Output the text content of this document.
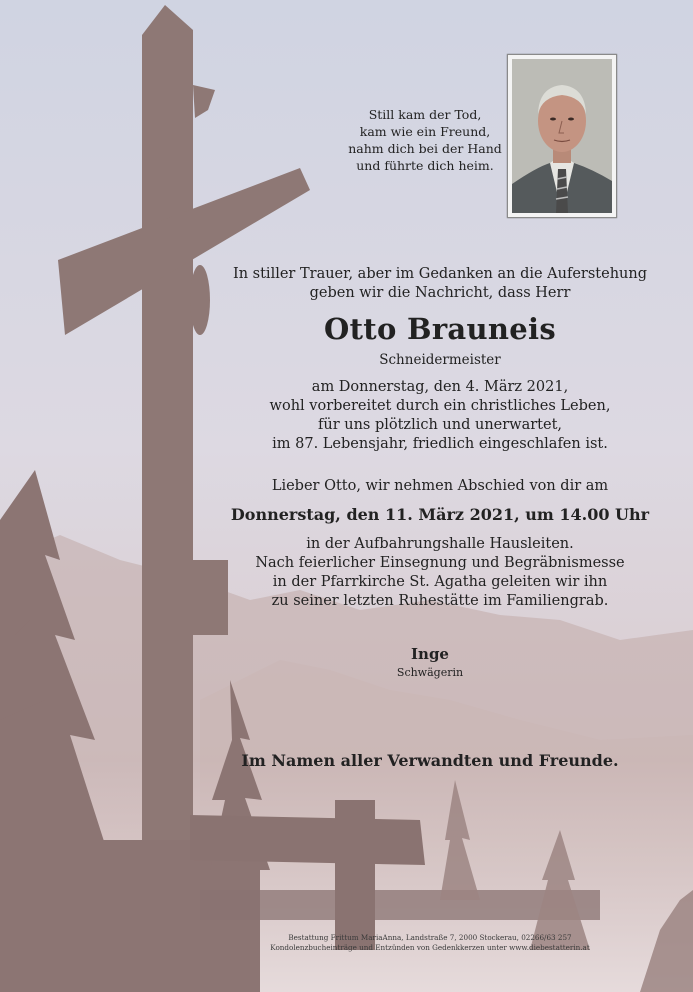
Still kam der Tod,
kam wie ein Freund,
nahm dich bei der Hand
und führte dich heim.
In stiller Trauer, aber im Gedanken an die Auferstehung
geben wir die Nachricht, dass Herr
Otto Brauneis
Schneidermeister
am Donnerstag, den 4. März 2021,
wohl vorbereitet durch ein christliches Leben,
für uns plötzlich und unerwartet,
im 87. Lebensjahr, friedlich eingeschlafen ist.
Lieber Otto, wir nehmen Abschied von dir am
Donnerstag, den 11. März 2021, um 14.00 Uhr
in der Aufbahrungshalle Hausleiten.
Nach feierlicher Einsegnung und Begräbnismesse
in der Pfarrkirche St. Agatha geleiten wir ihn
zu seiner letzten Ruhestätte im Familiengrab.
Inge
Schwägerin
Im Namen aller Verwandten und Freunde.
Bestattung Frittum MariaAnna, Landstraße 7, 2000 Stockerau, 02266/63 257
Kondolenzbucheinträge und Entzünden von Gedenkkerzen unter www.diebestatterin.at
